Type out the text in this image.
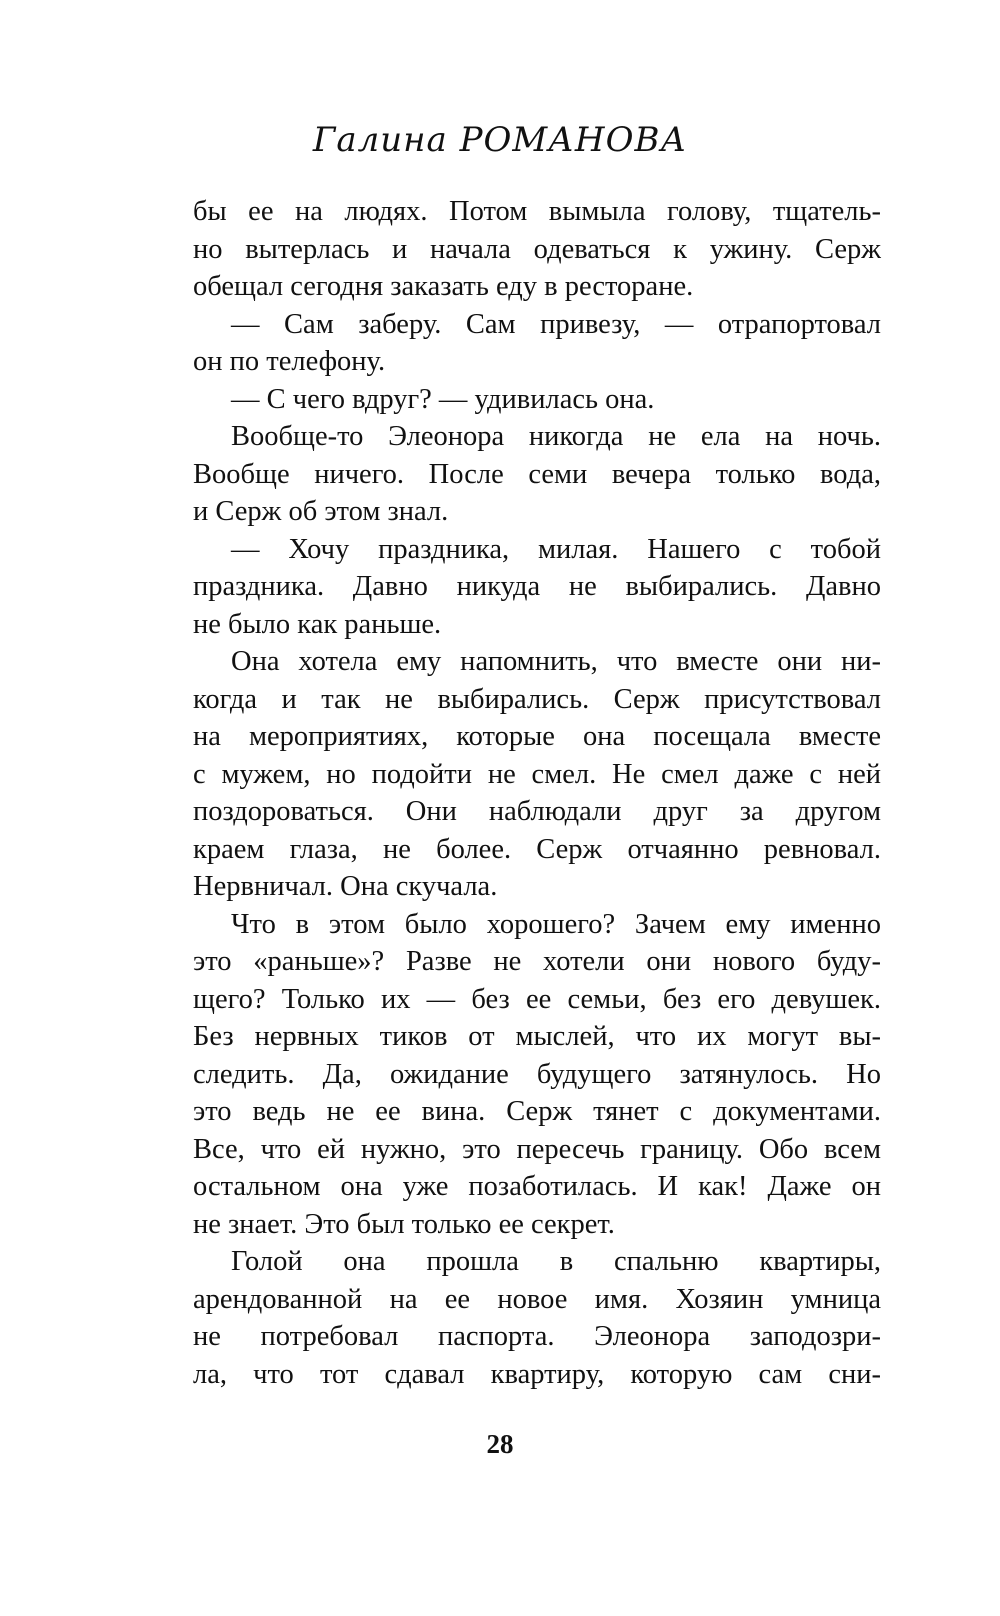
Галина РОМАНОВА
бы ее на людях. Потом вымыла голову, тщатель-
но вытерлась и начала одеваться к ужину. Серж
обещал сегодня заказать еду в ресторане.
— Сам заберу. Сам привезу, — отрапортовал
он по телефону.
— С чего вдруг? — удивилась она.
Вообще-то Элеонора никогда не ела на ночь.
Вообще ничего. После семи вечера только вода,
и Серж об этом знал.
— Хочу праздника, милая. Нашего с тобой
праздника. Давно никуда не выбирались. Давно
не было как раньше.
Она хотела ему напомнить, что вместе они ни-
когда и так не выбирались. Серж присутствовал
на мероприятиях, которые она посещала вместе
с мужем, но подойти не смел. Не смел даже с ней
поздороваться. Они наблюдали друг за другом
краем глаза, не более. Серж отчаянно ревновал.
Нервничал. Она скучала.
Что в этом было хорошего? Зачем ему именно
это «раньше»? Разве не хотели они нового буду-
щего? Только их — без ее семьи, без его девушек.
Без нервных тиков от мыслей, что их могут вы-
следить. Да, ожидание будущего затянулось. Но
это ведь не ее вина. Серж тянет с документами.
Все, что ей нужно, это пересечь границу. Обо всем
остальном она уже позаботилась. И как! Даже он
не знает. Это был только ее секрет.
Голой она прошла в спальню квартиры,
арендованной на ее новое имя. Хозяин умница
не потребовал паспорта. Элеонора заподозри-
ла, что тот сдавал квартиру, которую сам сни-
28
